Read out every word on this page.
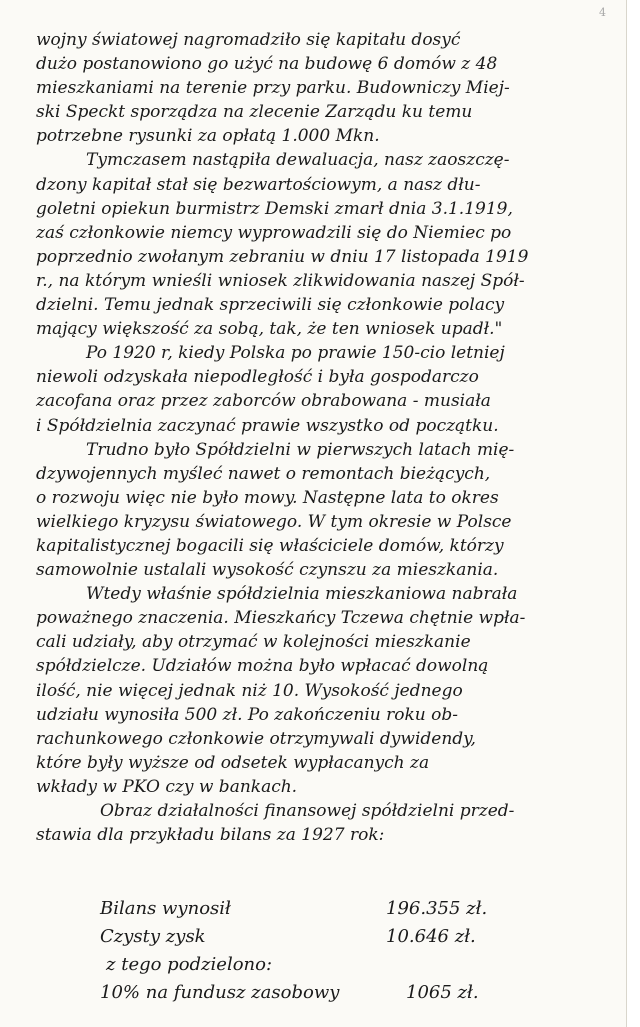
4
wojny światowej nagromadziło się kapitału dosyć
dużo postanowiono go użyć na budowę 6 domów z 48
mieszkaniami na terenie przy parku. Budowniczy Miej-
ski Speckt sporządza na zlecenie Zarządu ku temu
potrzebne rysunki za opłatą 1.000 Mkn.
Tymczasem nastąpiła dewaluacja, nasz zaoszczę-
dzony kapitał stał się bezwartościowym, a nasz dłu-
goletni opiekun burmistrz Demski zmarł dnia 3.1.1919,
zaś członkowie niemcy wyprowadzili się do Niemiec po
poprzednio zwołanym zebraniu w dniu 17 listopada 1919
r., na którym wnieśli wniosek zlikwidowania naszej Spół-
dzielni. Temu jednak sprzeciwili się członkowie polacy
mający większość za sobą, tak, że ten wniosek upadł."
Po 1920 r, kiedy Polska po prawie 150-cio letniej
niewoli odzyskała niepodległość i była gospodarczo
zacofana oraz przez zaborców obrabowana - musiała
i Spółdzielnia zaczynać prawie wszystko od początku.
Trudno było Spółdzielni w pierwszych latach mię-
dzywojennych myśleć nawet o remontach bieżących,
o rozwoju więc nie było mowy. Następne lata to okres
wielkiego kryzysu światowego. W tym okresie w Polsce
kapitalistycznej bogacili się właściciele domów, którzy
samowolnie ustalali wysokość czynszu za mieszkania.
Wtedy właśnie spółdzielnia mieszkaniowa nabrała
poważnego znaczenia. Mieszkańcy Tczewa chętnie wpła-
cali udziały, aby otrzymać w kolejności mieszkanie
spółdzielcze. Udziałów można było wpłacać dowolną
ilość, nie więcej jednak niż 10. Wysokość jednego
udziału wynosiła 500 zł. Po zakończeniu roku ob-
rachunkowego członkowie otrzymywali dywidendy,
które były wyższe od odsetek wypłacanych za
wkłady w PKO czy w bankach.
Obraz działalności finansowej spółdzielni przed-
stawia dla przykładu bilans za 1927 rok:
Bilans wynosił	196.355 zł.
Czysty zysk	10.646 zł.
z tego podzielono:
10% na fundusz zasobowy	1065 zł.
